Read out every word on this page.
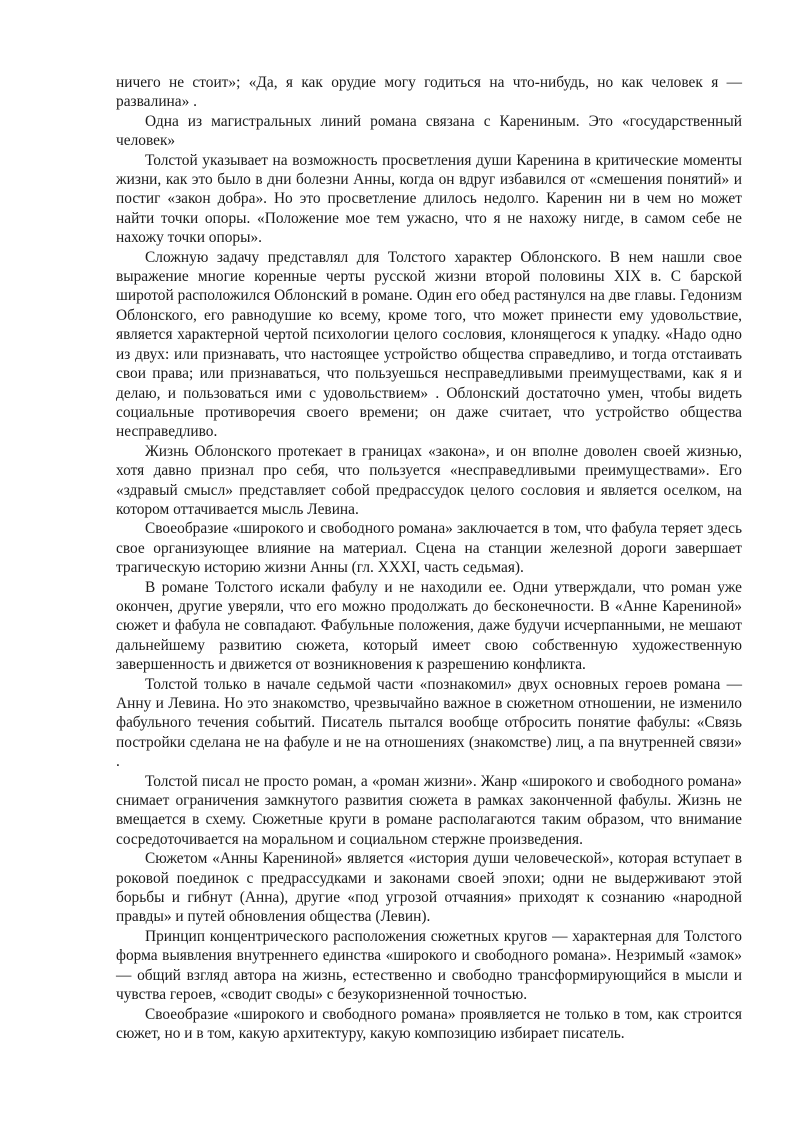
ничего не стоит»; «Да, я как орудие могу годиться на что-нибудь, но как человек я — развалина» .

Одна из магистральных линий романа связана с Карениным. Это «государственный человек»

Толстой указывает на возможность просветления души Каренина в критические моменты жизни, как это было в дни болезни Анны, когда он вдруг избавился от «смешения понятий» и постиг «закон добра». Но это просветление длилось недолго. Каренин ни в чем но может найти точки опоры. «Положение мое тем ужасно, что я не нахожу нигде, в самом себе не нахожу точки опоры».

Сложную задачу представлял для Толстого характер Облонского. В нем нашли свое выражение многие коренные черты русской жизни второй половины XIX в. С барской широтой расположился Облонский в романе. Один его обед растянулся на две главы. Гедонизм Облонского, его равнодушие ко всему, кроме того, что может принести ему удовольствие, является характерной чертой психологии целого сословия, клонящегося к упадку. «Надо одно из двух: или признавать, что настоящее устройство общества справедливо, и тогда отстаивать свои права; или признаваться, что пользуешься несправедливыми преимуществами, как я и делаю, и пользоваться ими с удовольствием» . Облонский достаточно умен, чтобы видеть социальные противоречия своего времени; он даже считает, что устройство общества несправедливо.

Жизнь Облонского протекает в границах «закона», и он вполне доволен своей жизнью, хотя давно признал про себя, что пользуется «несправедливыми преимуществами». Его «здравый смысл» представляет собой предрассудок целого сословия и является оселком, на котором оттачивается мысль Левина.

Своеобразие «широкого и свободного романа» заключается в том, что фабула теряет здесь свое организующее влияние на материал. Сцена на станции железной дороги завершает трагическую историю жизни Анны (гл. XXXI, часть седьмая).

В романе Толстого искали фабулу и не находили ее. Одни утверждали, что роман уже окончен, другие уверяли, что его можно продолжать до бесконечности. В «Анне Карениной» сюжет и фабула не совпадают. Фабульные положения, даже будучи исчерпанными, не мешают дальнейшему развитию сюжета, который имеет свою собственную художественную завершенность и движется от возникновения к разрешению конфликта.

Толстой только в начале седьмой части «познакомил» двух основных героев романа — Анну и Левина. Но это знакомство, чрезвычайно важное в сюжетном отношении, не изменило фабульного течения событий. Писатель пытался вообще отбросить понятие фабулы: «Связь постройки сделана не на фабуле и не на отношениях (знакомстве) лиц, а па внутренней связи» .

Толстой писал не просто роман, а «роман жизни». Жанр «широкого и свободного романа» снимает ограничения замкнутого развития сюжета в рамках законченной фабулы. Жизнь не вмещается в схему. Сюжетные круги в романе располагаются таким образом, что внимание сосредоточивается на моральном и социальном стержне произведения.

Сюжетом «Анны Карениной» является «история души человеческой», которая вступает в роковой поединок с предрассудками и законами своей эпохи; одни не выдерживают этой борьбы и гибнут (Анна), другие «под угрозой отчаяния» приходят к сознанию «народной правды» и путей обновления общества (Левин).

Принцип концентрического расположения сюжетных кругов — характерная для Толстого форма выявления внутреннего единства «широкого и свободного романа». Незримый «замок» — общий взгляд автора на жизнь, естественно и свободно трансформирующийся в мысли и чувства героев, «сводит своды» с безукоризненной точностью.

Своеобразие «широкого и свободного романа» проявляется не только в том, как строится сюжет, но и в том, какую архитектуру, какую композицию избирает писатель.
